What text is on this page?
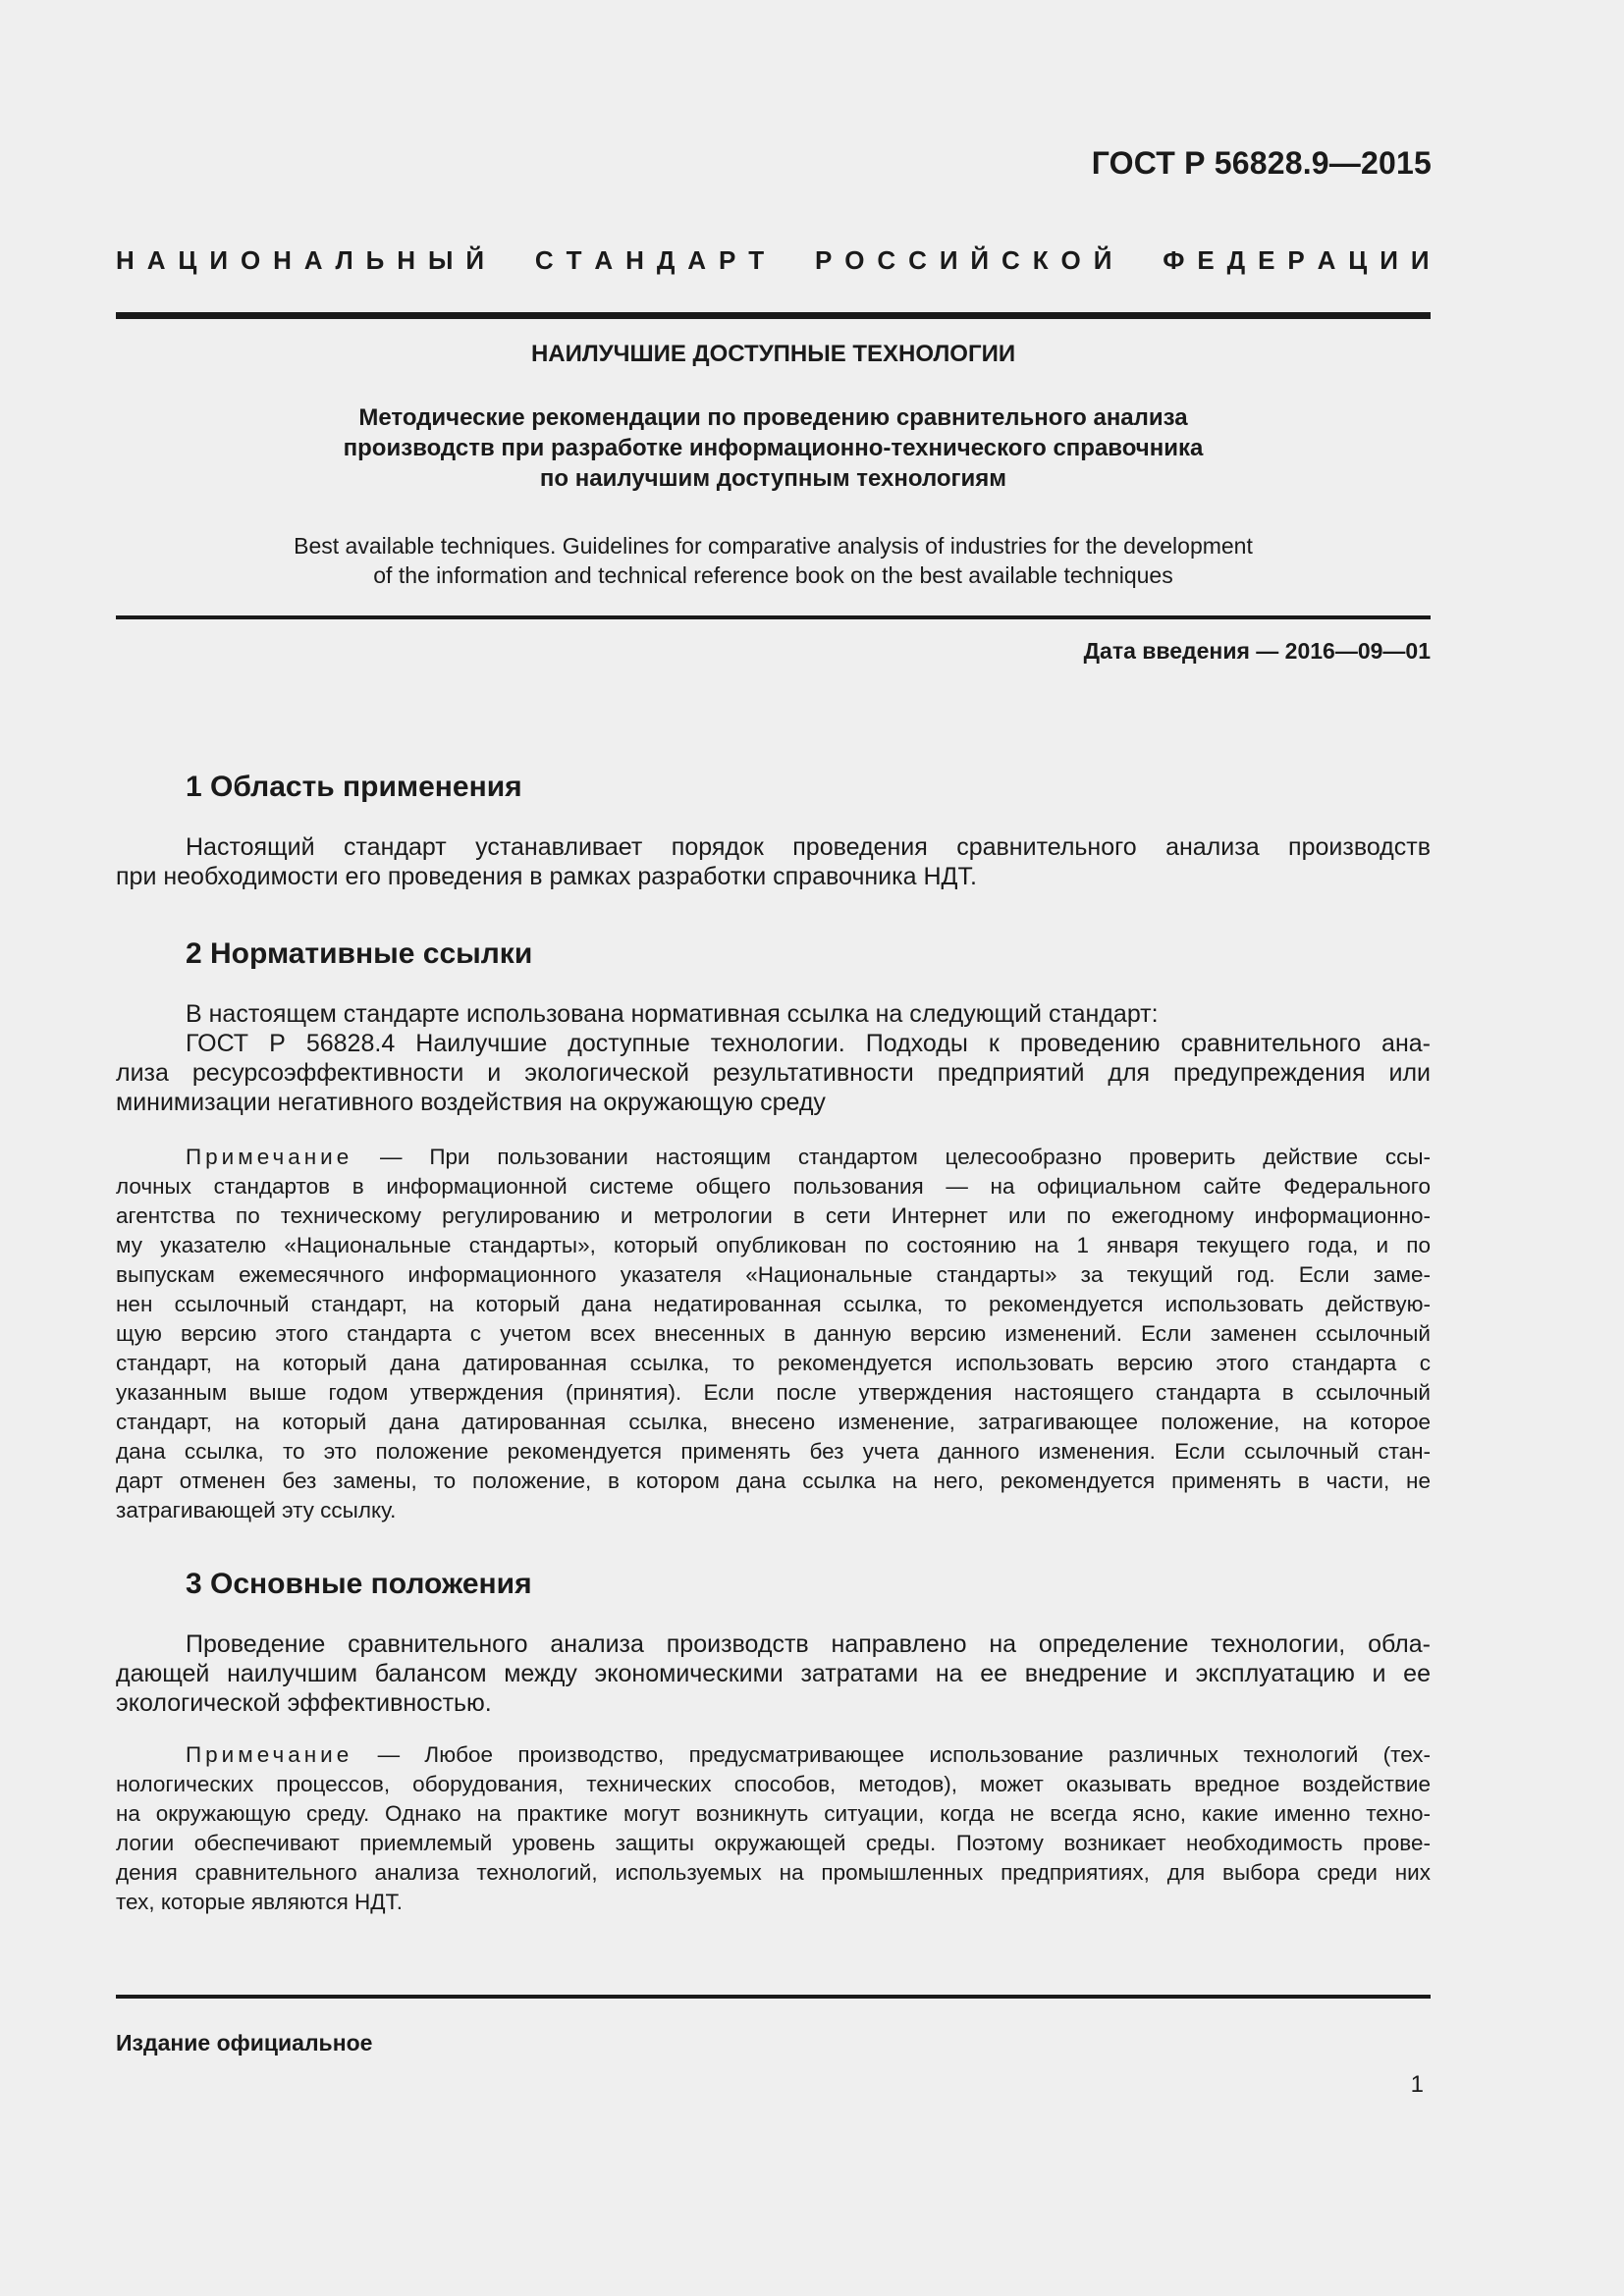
ГОСТ Р 56828.9—2015
Н А Ц И О Н А Л Ь Н Ы Й С Т А Н Д А Р Т Р О С С И Й С К О Й Ф Е Д Е Р А Ц И И
НАИЛУЧШИЕ ДОСТУПНЫЕ ТЕХНОЛОГИИ
Методические рекомендации по проведению сравнительного анализа
производств при разработке информационно-технического справочника
по наилучшим доступным технологиям
Best available techniques. Guidelines for comparative analysis of industries for the development
of the information and technical reference book on the best available techniques
Дата введения — 2016—09—01
1 Область применения
Настоящий стандарт устанавливает порядок проведения сравнительного анализа производств
при необходимости его проведения в рамках разработки справочника НДТ.
2 Нормативные ссылки
В настоящем стандарте использована нормативная ссылка на следующий стандарт:
ГОСТ Р 56828.4 Наилучшие доступные технологии. Подходы к проведению сравнительного ана-
лиза ресурсоэффективности и экологической результативности предприятий для предупреждения или
минимизации негативного воздействия на окружающую среду
Примечание — При пользовании настоящим стандартом целесообразно проверить действие ссы-
лочных стандартов в информационной системе общего пользования — на официальном сайте Федерального
агентства по техническому регулированию и метрологии в сети Интернет или по ежегодному информационно-
му указателю «Национальные стандарты», который опубликован по состоянию на 1 января текущего года, и по
выпускам ежемесячного информационного указателя «Национальные стандарты» за текущий год. Если заме-
нен ссылочный стандарт, на который дана недатированная ссылка, то рекомендуется использовать действую-
щую версию этого стандарта с учетом всех внесенных в данную версию изменений. Если заменен ссылочный
стандарт, на который дана датированная ссылка, то рекомендуется использовать версию этого стандарта с
указанным выше годом утверждения (принятия). Если после утверждения настоящего стандарта в ссылочный
стандарт, на который дана датированная ссылка, внесено изменение, затрагивающее положение, на которое
дана ссылка, то это положение рекомендуется применять без учета данного изменения. Если ссылочный стан-
дарт отменен без замены, то положение, в котором дана ссылка на него, рекомендуется применять в части, не
затрагивающей эту ссылку.
3 Основные положения
Проведение сравнительного анализа производств направлено на определение технологии, обла-
дающей наилучшим балансом между экономическими затратами на ее внедрение и эксплуатацию и ее
экологической эффективностью.
Примечание — Любое производство, предусматривающее использование различных технологий (тех-
нологических процессов, оборудования, технических способов, методов), может оказывать вредное воздействие
на окружающую среду. Однако на практике могут возникнуть ситуации, когда не всегда ясно, какие именно техно-
логии обеспечивают приемлемый уровень защиты окружающей среды. Поэтому возникает необходимость прове-
дения сравнительного анализа технологий, используемых на промышленных предприятиях, для выбора среди них
тех, которые являются НДТ.
Издание официальное
1
